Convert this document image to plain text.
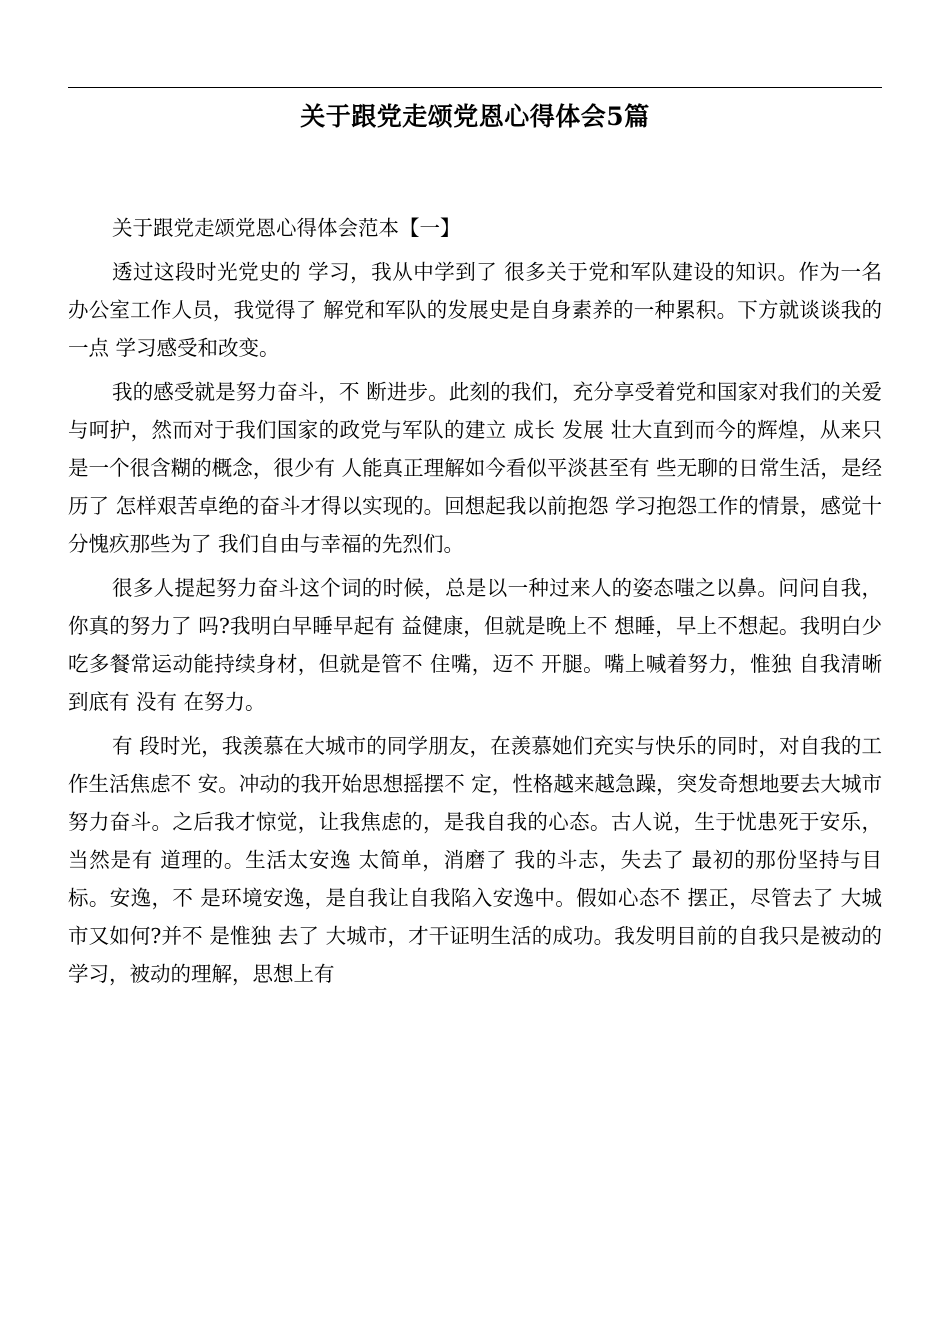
关于跟党走颂党恩心得体会5篇

关于跟党走颂党恩心得体会范本【一】

透过这段时光党史的 学习，我从中学到了 很多关于党和军队建设的知识。作为一名办公室工作人员，我觉得了 解党和军队的发展史是自身素养的一种累积。下方就谈谈我的一点 学习感受和改变。

我的感受就是努力奋斗，不 断进步。此刻的我们，充分享受着党和国家对我们的关爱与呵护，然而对于我们国家的政党与军队的建立 成长 发展 壮大直到而今的辉煌，从来只是一个很含糊的概念，很少有 人能真正理解如今看似平淡甚至有 些无聊的日常生活，是经历了 怎样艰苦卓绝的奋斗才得以实现的。回想起我以前抱怨 学习抱怨工作的情景，感觉十分愧疚那些为了 我们自由与幸福的先烈们。

很多人提起努力奋斗这个词的时候，总是以一种过来人的姿态嗤之以鼻。问问自我，你真的努力了 吗?我明白早睡早起有 益健康，但就是晚上不 想睡，早上不想起。我明白少吃多餐常运动能持续身材，但就是管不 住嘴，迈不 开腿。嘴上喊着努力，惟独 自我清晰到底有 没有 在努力。

有 段时光，我羡慕在大城市的同学朋友，在羡慕她们充实与快乐的同时，对自我的工作生活焦虑不 安。冲动的我开始思想摇摆不 定，性格越来越急躁，突发奇想地要去大城市努力奋斗。之后我才惊觉，让我焦虑的，是我自我的心态。古人说，生于忧患死于安乐，当然是有 道理的。生活太安逸 太简单，消磨了 我的斗志，失去了 最初的那份坚持与目标。安逸，不 是环境安逸，是自我让自我陷入安逸中。假如心态不 摆正，尽管去了 大城市又如何?并不 是惟独 去了 大城市，才干证明生活的成功。我发明目前的自我只是被动的 学习，被动的理解，思想上有
